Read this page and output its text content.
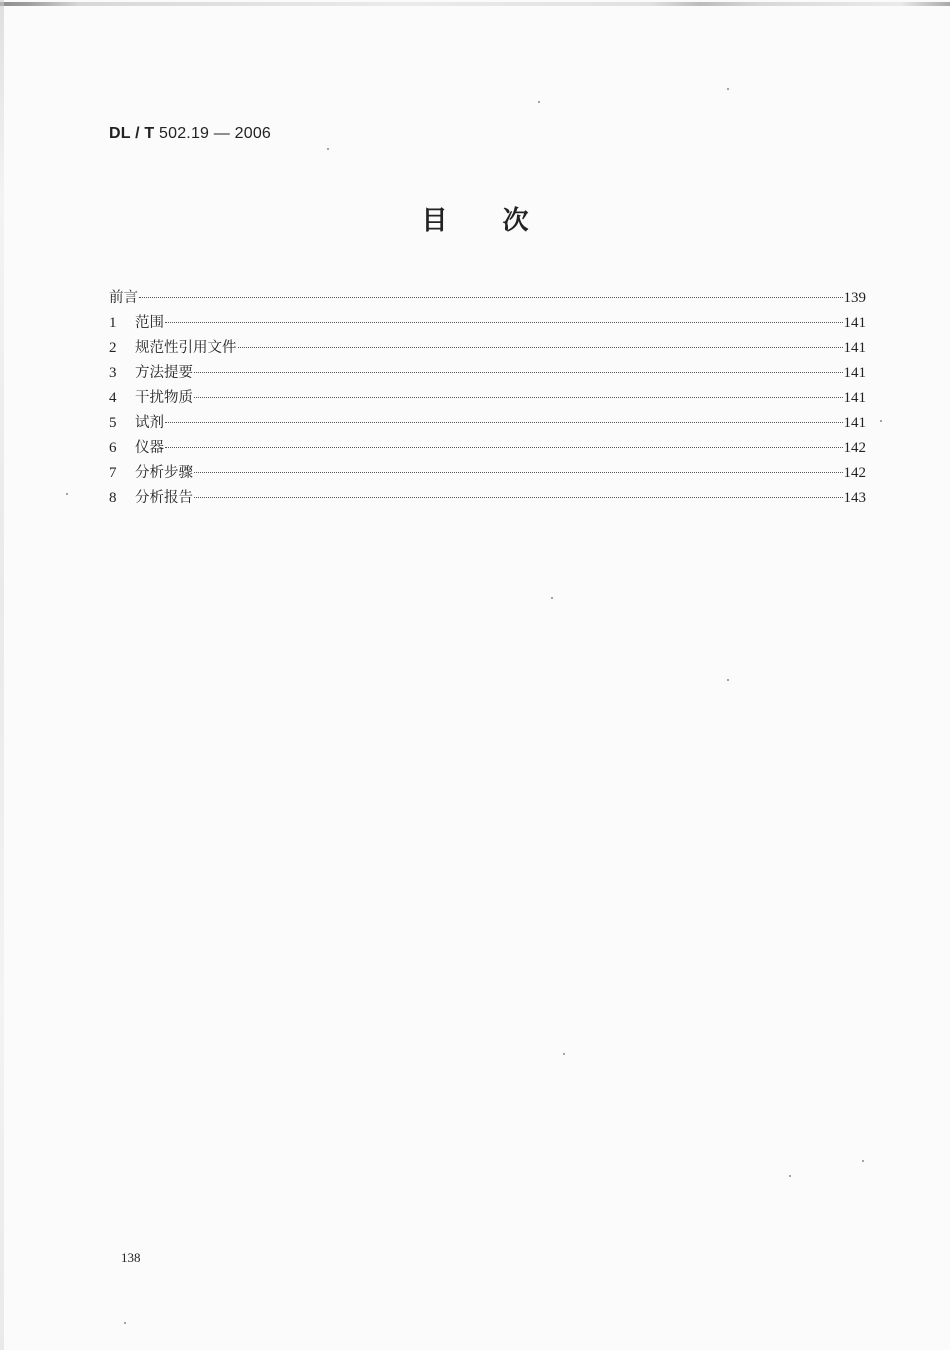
DL / T 502.19 — 2006
目 次
前言	139
1	范围	141
2	规范性引用文件	141
3	方法提要	141
4	干扰物质	141
5	试剂	141
6	仪器	142
7	分析步骤	142
8	分析报告	143
138
